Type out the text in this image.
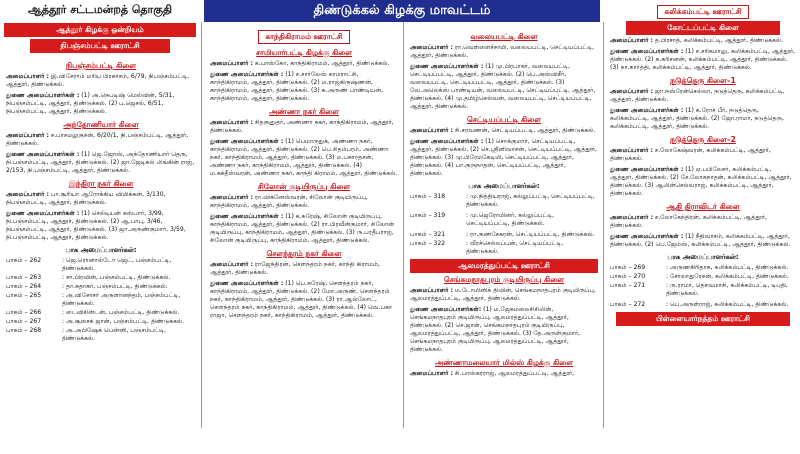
ஆத்தூர் சட்டமன்றத் தொகுதி	திண்டுக்கல் கிழக்கு மாவட்டம்
ஆத்தூர் கிழக்கு ஒன்றியம்
நிபஞ்சம்பட்டி ஊராட்சி
நிபஞ்சம்பட்டி கிளை

அமைப்பாளர் : இ.விசேராம் மரிய பிரகாசம், 6/79, நிபஞ்சம்பட்டி, ஆத்தூர், திண்டுக்கல்.

துணை அமைப்பாளர்கள் : (1) அ.நெபடிஷ் மெல்வின், 5/31, நிபஞ்சம்பட்டி, ஆத்தூர், திண்டுக்கல். (2) ப.ஜெசல், 6/51, நிபஞ்சம்பட்டி, ஆத்தூர், திண்டுக்கல்.

அந்தோணியார் கிளை

அமைப்பாளர் : ச.பாசமலுகுசன், 6/20/1, நி.பஞ்சம்பட்டி, ஆத்தூர், திண்டுக்கல்.

துணை அமைப்பாளர்கள் : (1) ஜெ.ஜோஸ், அந்தோணியார் தெரு, நி.பஞ்சம்பட்டி, ஆத்தூர், திண்டுக்கல். (2) ஜா.ஜேடிகல் லிங்கின் ராஜ், 2/153, நி.பஞ்சம்பட்டி, ஆத்தூர், திண்டுக்கல்.

இந்திரா நகர் கிளை

அமைப்பாளர் : பா.சூரியா ஆரோக்கிய விமிக்கன், 3/130, நிபஞ்சம்பட்டி, ஆத்தூர், திண்டுக்கல்.

துணை அமைப்பாளர்கள் : (1) செல்டியன் கஸ்பார், 3/99, நி.பஞ்சம்பட்டி, ஆத்தூர், திண்டுக்கல். (2) ஆ.பாபு, 3/46, நிபஞ்சம்பட்டி, ஆத்தூர், திண்டுக்கல். (3) ஜா.அருண்குமார், 3/59, நி.பஞ்சம்பட்டி, ஆத்தூர், திண்டுக்கல்.

பாக அமைப்பாளர்கள்:
பாகம் – 262	: ஜெ.ரொனால்டோ ஜெட், பஞ்சம்பட்டி, திண்டுக்கல்.
பாகம் – 263	: சா.பிரவின், பஞ்சம்பட்டி, திண்டுக்கல்.
பாகம் – 264	: தா.சுதாகர், பஞ்சம்பட்டி, திண்டுக்கல்.
பாகம் – 265	: அ.விசோசர் அருளானந்தம், பஞ்சம்பட்டி, திண்டுக்கல்.
பாகம் – 266	: டைவிசின்டன், பஞ்சம்பட்டி, திண்டுக்கல்.
பாகம் – 267	: அ.சூசைக் ஜான், பஞ்சம்பட்டி, திண்டுக்கல்.
பாகம் – 268	: அ.அபிஷேக் பென்னி, பஞ்சம்பட்டி, திண்டுக்கல்.
காந்திகிராமம் ஊராட்சி
சாமியார்பட்டி கிழக்கு கிளை

அமைப்பாளர் : க.பாஸ்கோ, காந்திகிராமம், ஆத்தூர், திண்டுக்கல்.

துணை அமைப்பாளர்கள் : (1) ச.சார்லேஸ் காமராட்சி, காந்திகிராமம், ஆத்தூர், திண்டுக்கல். (2) ம.ராஜ்கிருஷ்ணன், காந்திகிராமம், ஆத்தூர், திண்டுக்கல். (3) சு.அருண் பாண்டியன், காந்திகிராமம், ஆத்தூர், திண்டுக்கல்.

அண்ணா நகர் கிளை

அமைப்பாளர் : சிதகுனுதர், அண்ணா நகர், காந்திகிராமம், ஆத்தூர், திண்டுக்கல்.

துணை அமைப்பாளர்கள் : (1) பெமாருதுக், அண்ணா நகர், காந்திகிராமம், ஆத்தூர், திண்டுக்கல். (2) பெ.சிதம்பரம், அண்ணா நகர், காந்திகிராமம், ஆத்தூர், திண்டுக்கல். (3) ம.பகாரதசன், அண்ணா நகர், காந்திகிராமம், ஆத்தூர், திண்டுக்கல். (4) ம.கக்தீஸ்வரன், அண்ணா நகர், காந்தி கிராமம், ஆத்தூர், திண்டுக்கல்.

சிலோன் குடியிருப்பு கிளை

அமைப்பாளர் : ரா.விக்னேஸ்வரன், சிலோன் குடியிருப்பு, காந்திகிராமம், ஆத்தூர், திண்டுக்கல்.

துணை அமைப்பாளர்கள் : (1) க.சுரேஷ், சிலோன் குடியிருப்பு, காந்திகிராமம், ஆத்தூர், திண்டுக்கல். (2) ரா.பிரவீன்குமார், சிலோன் குடியிருப்பு, காந்திகிராமம், ஆத்தூர், திண்டுக்கல். (3) ரு.பரதீபராஜ், சிலோன் குடியிருப்பு, காந்திகிராமம், ஆத்தூர், திண்டுக்கல்.

சௌந்தரம் நகர் கிளை

அமைப்பாளர் : ராஜேந்திரன், சௌந்தரம் நகர், காந்தி கிராமம், ஆத்தூர், திண்டுக்கல்.

துணை அமைப்பாளர்கள் : (1) பெ.சுரேஷ், சௌந்தரம் நகர், காந்திகிராமம், ஆத்தூர், திண்டுக்கல். (2) மோ.அருண், சௌந்தரம் நகர், காந்திகிராமம், ஆத்தூர், திண்டுக்கல். (3) ரா.ஆல்லோட், சௌந்தரம் நகர், காந்திகிராமம், ஆத்தூர், திண்டுக்கல். (4) வெ.பகா ராஜா, சௌந்தரம் நகர், காந்திகிராமம், ஆத்தூர், திண்டுக்கல்.

வலையபட்டி கிளை

அமைப்பாளர் : ரா.வெள்ளைச்சாமி, வலையபட்டி, செட்டியப்பட்டி, ஆத்தூர், திண்டுக்கல்.

துணை அமைப்பாளர்கள் : (1) மு.பிரபாகர், வலையபட்டி, செட்டியப்பட்டி, ஆத்தூர், திண்டுக்கல். (2) பெ.அஸ்விசீர், வலையபட்டி, செட்டியப்பட்டி, ஆத்தூர், திண்டுக்கல். (3) வே.அலெக்ஸ் பாண்டியன், வலையபட்டி, செட்டியப்பட்டி, ஆத்தூர், திண்டுக்கல். (4) மு.தமிழ்செல்வன், வலையபட்டி, செட்டியப்பட்டி, ஆத்தூர், திண்டுக்கல்.

செட்டியப்பட்டி கிளை

அமைப்பாளர் : சி.சரவணன், செட்டியப்பட்டி, ஆத்தூர், திண்டுக்கல்.

துணை அமைப்பாளர்கள் : (1) சொக்குமார், செட்டியப்பட்டி, ஆத்தூர், திண்டுக்கல். (2) செ.ஸ்ரீனிவாசன், செட்டியப்பட்டி, ஆத்தூர், திண்டுக்கல். (3) மு.பிரேமகேடிமி, செட்டியப்பட்டி, ஆத்தூர், திண்டுக்கல். (4) பா.குருநாதன், செட்டியப்பட்டி, ஆத்தூர், திண்டுக்கல்.

பாக அமைப்பாளர்கள்:
பாகம் – 318	: மு.நித்தியராஜ், கல்லுப்பட்டி, செட்டியப்பட்டி, திண்டுக்கல்.
பாகம் – 319	: மு.ஜெரோமினர், கல்லுப்பட்டி, செட்டியப்பட்டி, திண்டுக்கல்.
பாகம் – 321	: ரா.குணசேகரன், செட்டியப்பட்டி, திண்டுக்கல்.
பாகம் – 322	: வீரச்செல்லப்பன், செட்டியப்பட்டி, திண்டுக்கல்.
ஆலமரத்துப்பட்டி ஊராட்சி
செங்கமநாதபுரம் குடியிருப்பு கிளை

அமைப்பாளர் : ம.டோமினிக் திவின், செங்கமநாதபுரம் குடியிருப்பு, ஆலமரத்துப்பட்டி, ஆத்தூர், திண்டுக்கல்.

துணை அமைப்பாளர்கள்: (1) ம.ஜேசுமலைசிசிலின், செங்கமநாதபுரம் குடியிருப்பு, ஆலமரத்துப்பட்டி, ஆத்தூர், திண்டுக்கல். (2) செ.ஜான், செங்கமநாதபுரம் குடியிருப்பு, ஆலமரத்துப்பட்டி, ஆத்தூர், திண்டுக்கல். (3) தே.அருள்குமார், செங்கமநாதபுரம் குடியிருப்பு, ஆலமரத்துப்பட்டி, ஆத்தூர், திண்டுக்கல்.

அண்ணாமலையார் மில்ஸ் கிழக்கு கிளை

அமைப்பாளர் : சி.பாஸ்கரராஜ், ஆலமரத்துப்பட்டி, ஆத்தூர்,

கலிக்கம்பட்டி ஊராட்சி
கோட்டப்பட்டி கிளை

அமைப்பாளர் : த.பிரசாத், கலிக்கம்பட்டி, ஆத்தூர், திண்டுக்கல்.

துணை அமைப்பாளர்கள் : (1) ச.சரிகமாலு, கலிக்கம்பட்டி, ஆத்தூர், திண்டுக்கல். (2) ந.கரிசனன், கலிக்கம்பட்டி, ஆத்தூர், திண்டுக்கல். (3) நா.கார்த்தி, கலிக்கம்பட்டி, ஆத்தூர், திண்டுக்கல்.

நடுத்தெரு கிளை–1

அமைப்பாளர் : ஜா.நஸ்ரேன்செல்லா, நடுத்தெரு, கலிக்கம்பட்டி, ஆத்தூர், திண்டுக்கல்.

துணை அமைப்பாளர்கள் : (1) க.ரோச் பீர், நடுத்தெரு, கலிக்கம்பட்டி, ஆத்தூர், திண்டுக்கல். (2) ஜோ.ராமா, நடுத்தெரு, கலிக்கம்பட்டி, ஆத்தூர், திண்டுக்கல்.

நடுத்தெரு கிளை–2

அமைப்பாளர் : ச.லோகேஷ்வரன், கலிக்கம்பட்டி, ஆத்தூர், திண்டுக்கல்.

துணை அமைப்பாளர்கள் : (1) ஏ.பபிலேசர், கலிக்கம்பட்டி, ஆத்தூர், திண்டுக்கல். (2) சே.லோகநாதன், கலிக்கம்பட்டி, ஆத்தூர், திண்டுக்கல். (3) ஆலின்செல்வராஜ், கலிக்கம்பட்டி, ஆத்தூர், திண்டுக்கல்.

ஆதி திராவிடர் கிளை

அமைப்பாளர் : ச.லோகேந்திரன், கலிக்கம்பட்டி, ஆத்தூர், திண்டுக்கல்.

துணை அமைப்பாளர்கள் : (1) நீதிவாசம், கலிக்கம்பட்டி, ஆத்தூர், திண்டுக்கல். (2) பெ.ஜேம்ஸ், கலிக்கம்பட்டி, ஆத்தூர், திண்டுக்கல்.

பாக அமைப்பாளர்கள்:
பாகம் – 269	: அருணகிரிதாசு, கலிக்கம்பட்டி, திண்டுக்கல்.
பாகம் – 270	: சோலாதுரேசன், கலிக்கம்பட்டி, திண்டுக்கல்.
பாகம் – 271	: ரு.ராமர், தெசவமாசி, கலிக்கம்பட்டி, டிபுதி, திண்டுக்கல்.
பாகம் – 272	: பெ.அருள்ராஜ், கலிக்கம்பட்டி, திண்டுக்கல்.
பிள்ளையார்நத்தம் ஊராட்சி
